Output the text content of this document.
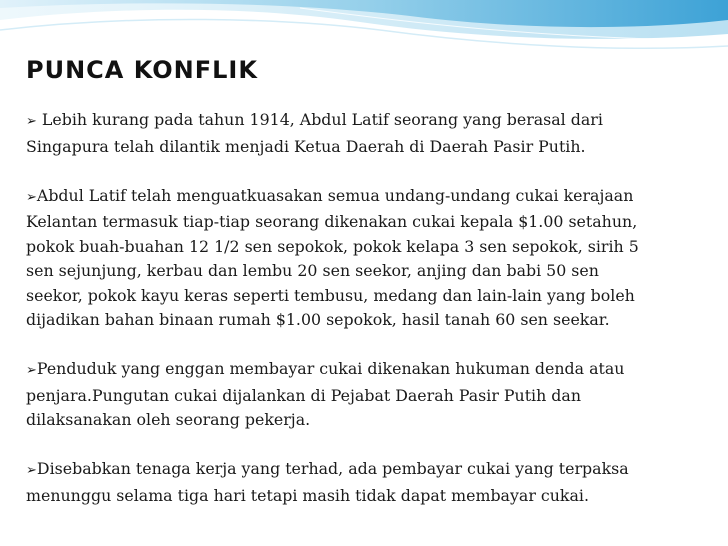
PUNCA KONFLIK

➢ Lebih kurang pada tahun 1914, Abdul Latif seorang yang berasal dari
Singapura telah dilantik menjadi Ketua Daerah di Daerah Pasir Putih.

➢Abdul Latif telah menguatkuasakan semua undang-undang cukai kerajaan
Kelantan termasuk tiap-tiap seorang dikenakan cukai kepala $1.00 setahun,
pokok buah-buahan 12 1/2 sen sepokok, pokok kelapa 3 sen sepokok, sirih 5
sen sejunjung, kerbau dan lembu 20 sen seekor, anjing dan babi 50 sen
seekor, pokok kayu keras seperti tembusu, medang dan lain-lain yang boleh
dijadikan bahan binaan rumah $1.00 sepokok, hasil tanah 60 sen seekar.

➢Penduduk yang enggan membayar cukai dikenakan hukuman denda atau
penjara.Pungutan cukai dijalankan di Pejabat Daerah Pasir Putih dan
dilaksanakan oleh seorang pekerja.

➢Disebabkan tenaga kerja yang terhad, ada pembayar cukai yang terpaksa
menunggu selama tiga hari tetapi masih tidak dapat membayar cukai.
